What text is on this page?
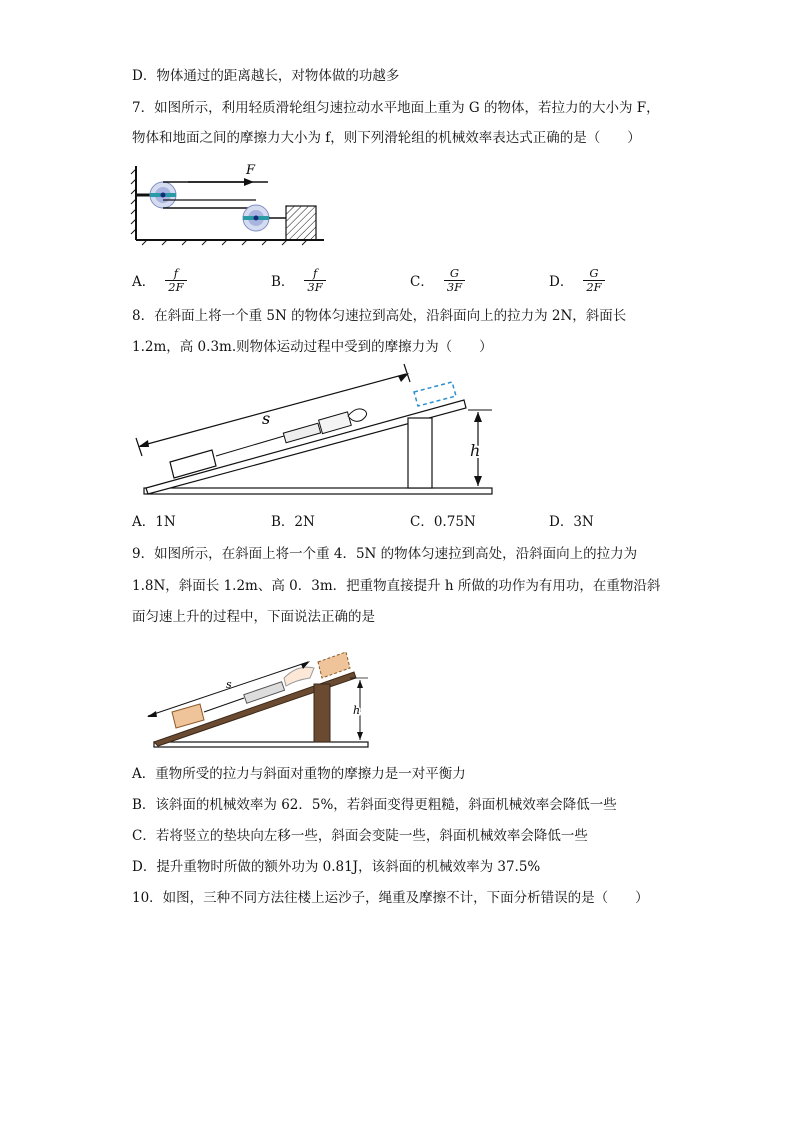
D．物体通过的距离越长，对物体做的功越多
7．如图所示，利用轻质滑轮组匀速拉动水平地面上重为 G 的物体，若拉力的大小为 F，
物体和地面之间的摩擦力大小为 f，则下列滑轮组的机械效率表达式正确的是（　　）
F
A． $\frac{f}{2F}$	B． $\frac{f}{3F}$	C． $\frac{G}{3F}$	D． $\frac{G}{2F}$
8．在斜面上将一个重 5N 的物体匀速拉到高处，沿斜面向上的拉力为 2N，斜面长
1.2m，高 0.3m.则物体运动过程中受到的摩擦力为（　　）
s
h
A．1N	B．2N	C．0.75N	D．3N
9．如图所示，在斜面上将一个重 4．5N 的物体匀速拉到高处，沿斜面向上的拉力为
1.8N，斜面长 1.2m、高 0．3m．把重物直接提升 h 所做的功作为有用功，在重物沿斜
面匀速上升的过程中，下面说法正确的是
s
h
A．重物所受的拉力与斜面对重物的摩擦力是一对平衡力
B．该斜面的机械效率为 62．5%，若斜面变得更粗糙，斜面机械效率会降低一些
C．若将竖立的垫块向左移一些，斜面会变陡一些，斜面机械效率会降低一些
D．提升重物时所做的额外功为 0.81J，该斜面的机械效率为 37.5%
10．如图，三种不同方法往楼上运沙子，绳重及摩擦不计，下面分析错误的是（　　）
